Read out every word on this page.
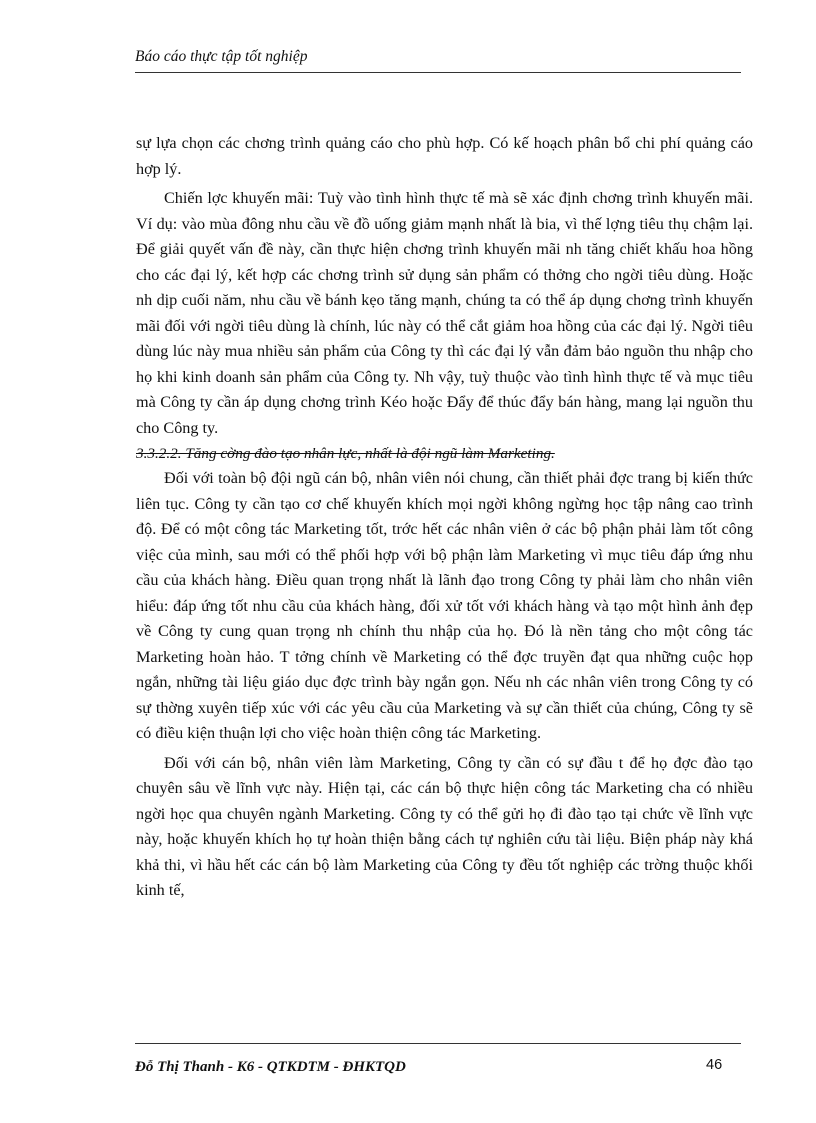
Báo cáo thực tập tốt nghiệp

sự lựa chọn các chơng trình quảng cáo cho phù hợp. Có kế hoạch phân bổ chi phí quảng cáo hợp lý.

Chiến lợc khuyến mãi: Tuỳ vào tình hình thực tế mà sẽ xác định chơng trình khuyến mãi. Ví dụ: vào mùa đông nhu cầu về đồ uống giảm mạnh nhất là bia, vì thế lợng tiêu thụ chậm lại. Để giải quyết vấn đề này, cần thực hiện chơng trình khuyến mãi nh tăng chiết khấu hoa hồng cho các đại lý, kết hợp các chơng trình sử dụng sản phẩm có thởng cho ngời tiêu dùng. Hoặc nh dịp cuối năm, nhu cầu về bánh kẹo tăng mạnh, chúng ta có thể áp dụng chơng trình khuyến mãi đối với ngời tiêu dùng là chính, lúc này có thể cắt giảm hoa hồng của các đại lý. Ngời tiêu dùng lúc này mua nhiều sản phẩm của Công ty thì các đại lý vẫn đảm bảo nguồn thu nhập cho họ khi kinh doanh sản phẩm của Công ty. Nh vậy, tuỳ thuộc vào tình hình thực tế và mục tiêu mà Công ty cần áp dụng chơng trình Kéo hoặc Đẩy để thúc đẩy bán hàng, mang lại nguồn thu cho Công ty.

3.3.2.2. Tăng cờng đào tạo nhân lực, nhất là đội ngũ làm Marketing.

Đối với toàn bộ đội ngũ cán bộ, nhân viên nói chung, cần thiết phải đợc trang bị kiến thức liên tục. Công ty cần tạo cơ chế khuyến khích mọi ngời không ngừng học tập nâng cao trình độ. Để có một công tác Marketing tốt, trớc hết các nhân viên ở các bộ phận phải làm tốt công việc của mình, sau mới có thể phối hợp với bộ phận làm Marketing vì mục tiêu đáp ứng nhu cầu của khách hàng. Điều quan trọng nhất là lãnh đạo trong Công ty phải làm cho nhân viên hiểu: đáp ứng tốt nhu cầu của khách hàng, đối xử tốt với khách hàng và tạo một hình ảnh đẹp về Công ty cung quan trọng nh chính thu nhập của họ. Đó là nền tảng cho một công tác Marketing hoàn hảo. T tởng chính về Marketing có thể đợc truyền đạt qua những cuộc họp ngắn, những tài liệu giáo dục đợc trình bày ngắn gọn. Nếu nh các nhân viên trong Công ty có sự thờng xuyên tiếp xúc với các yêu cầu của Marketing và sự cần thiết của chúng, Công ty sẽ có điều kiện thuận lợi cho việc hoàn thiện công tác Marketing.

Đối với cán bộ, nhân viên làm Marketing, Công ty cần có sự đầu t để họ đợc đào tạo chuyên sâu về lĩnh vực này. Hiện tại, các cán bộ thực hiện công tác Marketing cha có nhiều ngời học qua chuyên ngành Marketing. Công ty có thể gửi họ đi đào tạo tại chức về lĩnh vực này, hoặc khuyến khích họ tự hoàn thiện bằng cách tự nghiên cứu tài liệu. Biện pháp này khá khả thi, vì hầu hết các cán bộ làm Marketing của Công ty đều tốt nghiệp các trờng thuộc khối kinh tế,

Đỗ Thị Thanh - K6 - QTKDTM - ĐHKTQD	46
